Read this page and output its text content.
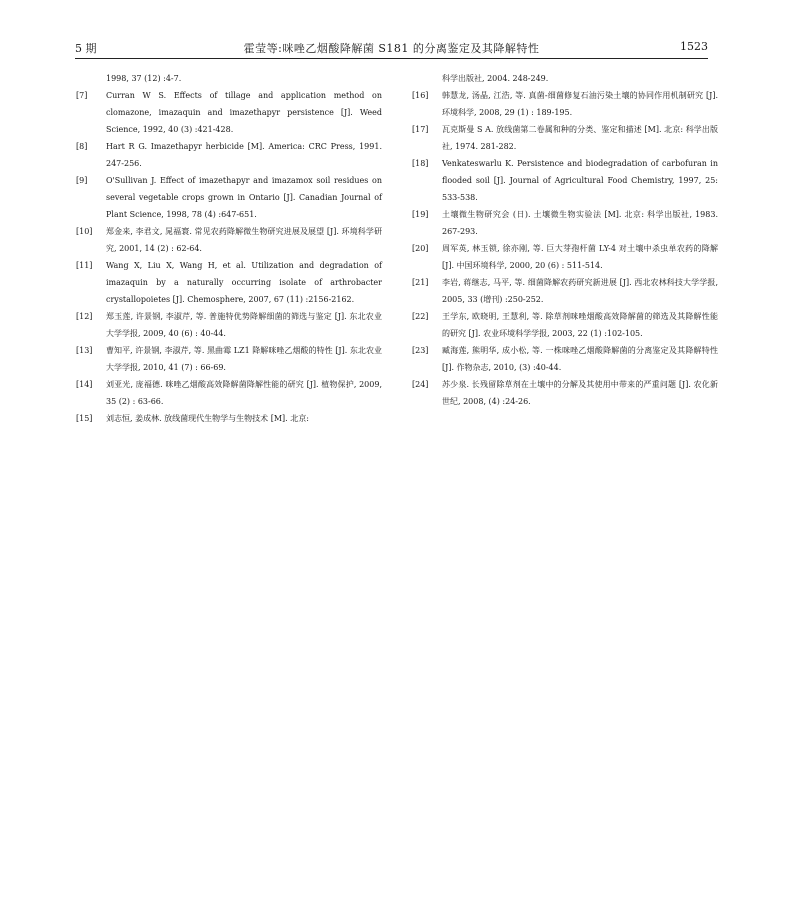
5 期	霍莹等:咪唑乙烟酸降解菌 S181 的分离鉴定及其降解特性	1523
1998, 37 (12) :4-7.
[7]	Curran W S. Effects of tillage and application method on clomazone, imazaquin and imazethapyr persistence [J]. Weed Science, 1992, 40 (3) :421-428.
[8]	Hart R G. Imazethapyr herbicide [M]. America: CRC Press, 1991. 247-256.
[9]	O'Sullivan J. Effect of imazethapyr and imazamox soil residues on several vegetable crops grown in Ontario [J]. Canadian Journal of Plant Science, 1998, 78 (4) :647-651.
[10]	郑金来, 李君文, 晁福寰. 常见农药降解微生物研究进展及展望 [J]. 环境科学研究, 2001, 14 (2) : 62-64.
[11]	Wang X, Liu X, Wang H, et al. Utilization and degradation of imazaquin by a naturally occurring isolate of arthrobacter crystallopoietes [J]. Chemosphere, 2007, 67 (11) :2156-2162.
[12]	郑玉莲, 许景钢, 李淑芹, 等. 普施特优势降解细菌的筛选与鉴定 [J]. 东北农业大学学报, 2009, 40 (6) : 40-44.
[13]	曹知平, 许景钢, 李淑芹, 等. 黑曲霉 LZ1 降解咪唑乙烟酸的特性 [J]. 东北农业大学学报, 2010, 41 (7) : 66-69.
[14]	刘亚光, 庞福德. 咪唑乙烟酸高效降解菌降解性能的研究 [J]. 植物保护, 2009, 35 (2) : 63-66.
[15]	刘志恒, 姜成林. 放线菌现代生物学与生物技术 [M]. 北京:
科学出版社, 2004. 248-249.
[16]	韩慧龙, 汤晶, 江浩, 等. 真菌-细菌修复石油污染土壤的协同作用机制研究 [J]. 环境科学, 2008, 29 (1) : 189-195.
[17]	瓦克斯曼 S A. 放线菌第二卷属和种的分类、鉴定和描述 [M]. 北京: 科学出版社, 1974. 281-282.
[18]	Venkateswarlu K. Persistence and biodegradation of carbofuran in flooded soil [J]. Journal of Agricultural Food Chemistry, 1997, 25: 533-538.
[19]	土壤微生物研究会 (日). 土壤微生物实验法 [M]. 北京: 科学出版社, 1983. 267-293.
[20]	周军英, 林玉锁, 徐亦刚, 等. 巨大芽孢杆菌 LY-4 对土壤中杀虫单农药的降解 [J]. 中国环境科学, 2000, 20 (6) : 511-514.
[21]	李岩, 蒋继志, 马平, 等. 细菌降解农药研究新进展 [J]. 西北农林科技大学学报, 2005, 33 (增刊) :250-252.
[22]	王学东, 欧晓明, 王慧利, 等. 除草剂咪唑烟酸高效降解菌的筛选及其降解性能的研究 [J]. 农业环境科学学报, 2003, 22 (1) :102-105.
[23]	臧海莲, 熊明华, 成小松, 等. 一株咪唑乙烟酸降解菌的分离鉴定及其降解特性 [J]. 作物杂志, 2010, (3) :40-44.
[24]	苏少泉. 长残留除草剂在土壤中的分解及其使用中带来的严重问题 [J]. 农化新世纪, 2008, (4) :24-26.
